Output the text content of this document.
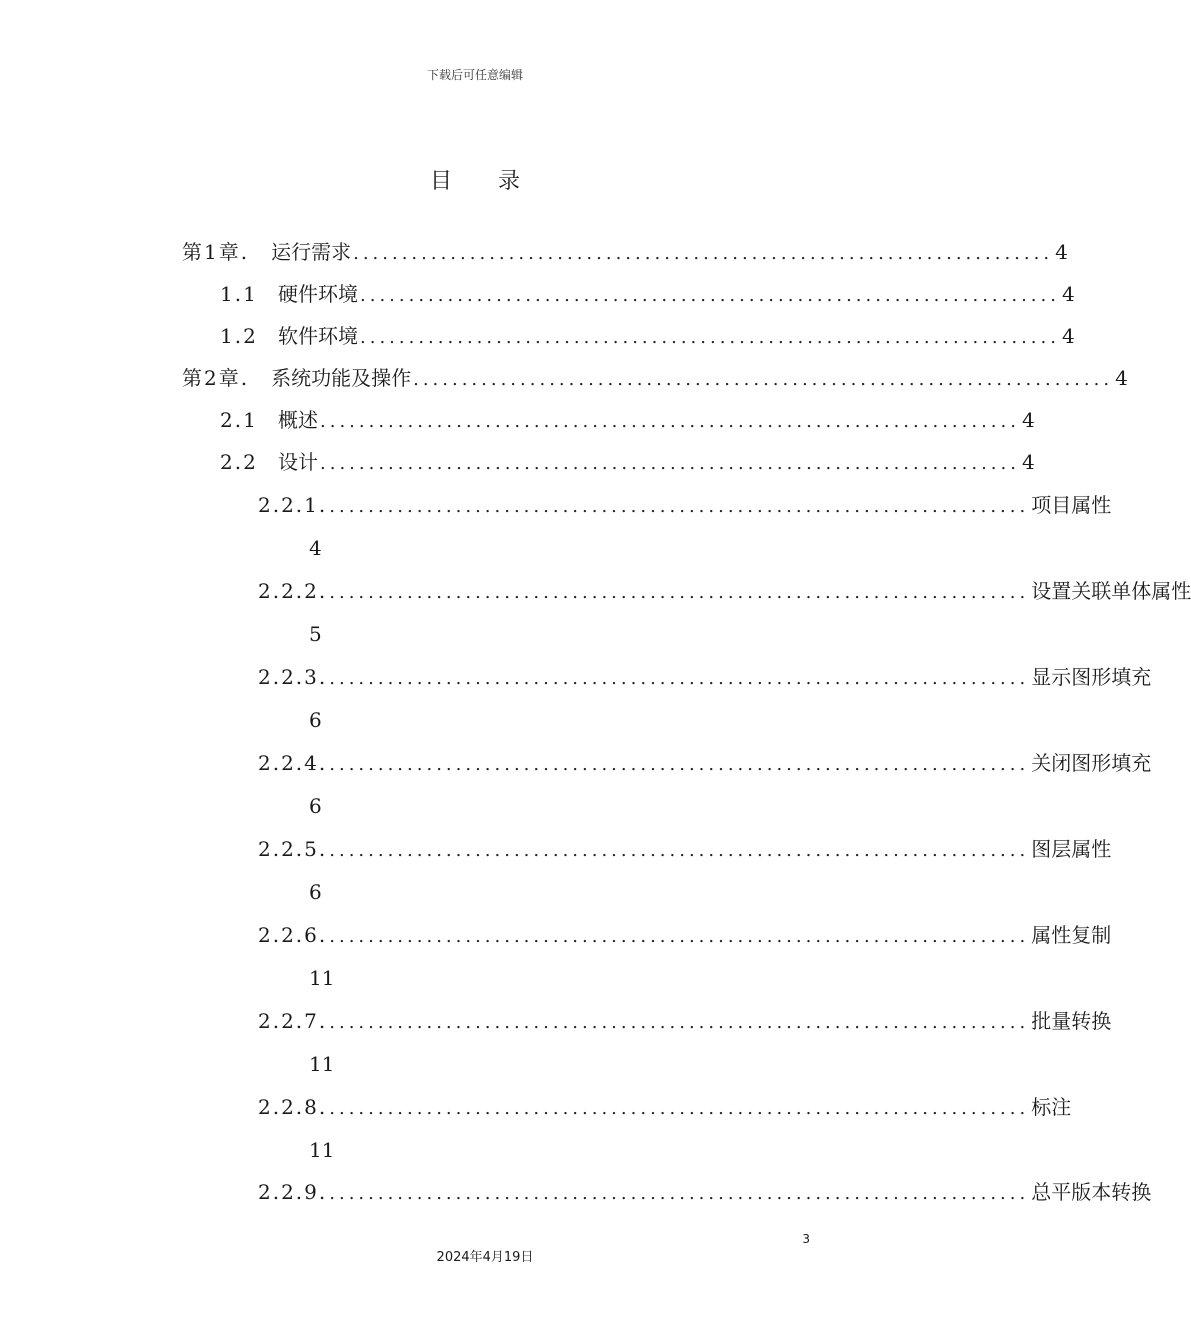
下载后可任意编辑
目录
第1章. 运行需求 ........................................................................ 4
1.1	硬件环境 ........................................................................ 4
1.2	软件环境 ........................................................................ 4
第2章. 系统功能及操作 ........................................................................ 4
2.1	概述 ........................................................................ 4
2.2	设计 ........................................................................ 4
2.2.1. ........................................................................ 项目属性
4
2.2.2. ........................................................................ 设置关联单体属性
5
2.2.3. ........................................................................ 显示图形填充
6
2.2.4. ........................................................................ 关闭图形填充
6
2.2.5. ........................................................................ 图层属性
6
2.2.6. ........................................................................ 属性复制
11
2.2.7. ........................................................................ 批量转换
11
2.2.8. ........................................................................ 标注
11
2.2.9. ........................................................................ 总平版本转换
3
2024年4月19日
